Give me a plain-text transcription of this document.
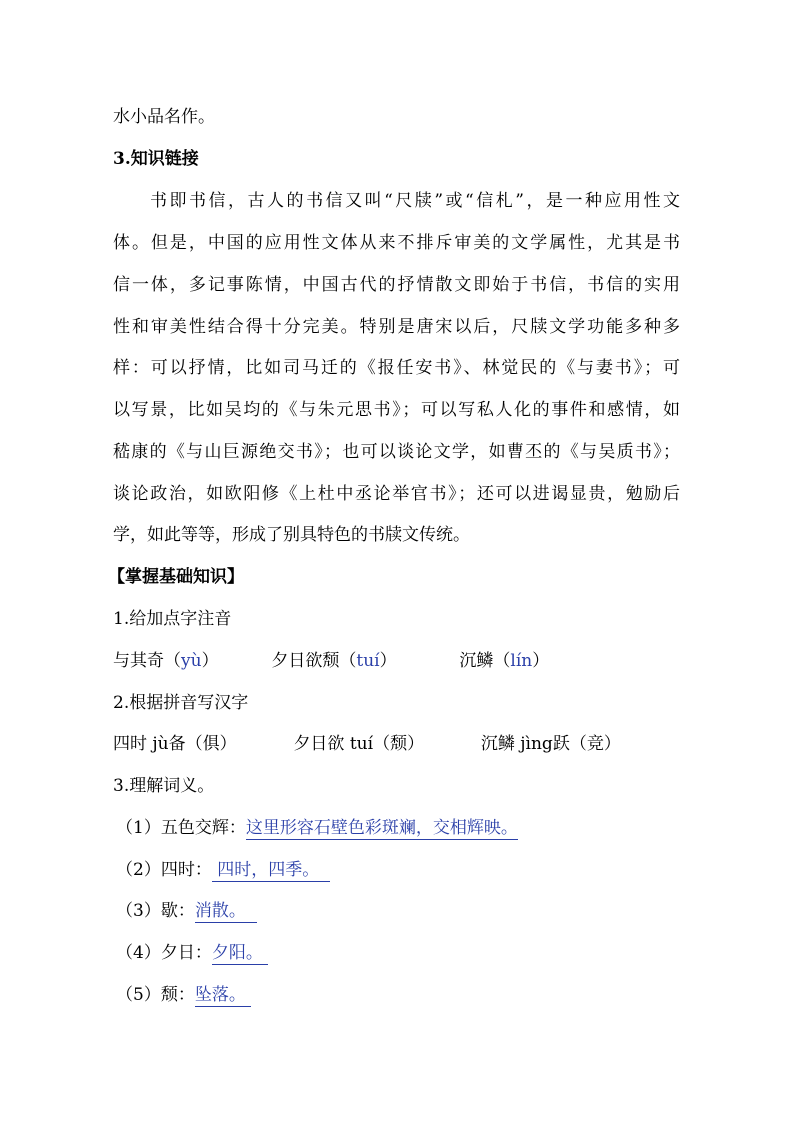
水小品名作。
3.知识链接
书即书信，古人的书信又叫“尺牍”或“信札”，是一种应用性文
体。但是，中国的应用性文体从来不排斥审美的文学属性，尤其是书
信一体，多记事陈情，中国古代的抒情散文即始于书信，书信的实用
性和审美性结合得十分完美。特别是唐宋以后，尺牍文学功能多种多
样：可以抒情，比如司马迁的《报任安书》、林觉民的《与妻书》；可
以写景，比如吴均的《与朱元思书》；可以写私人化的事件和感情，如
嵇康的《与山巨源绝交书》；也可以谈论文学，如曹丕的《与吴质书》；
谈论政治，如欧阳修《上杜中丞论举官书》；还可以进谒显贵，勉励后
学，如此等等，形成了别具特色的书牍文传统。
【掌握基础知识】
1.给加点字注音
与其奇（yù）	夕日欲颓（tuí）	沉鳞（lín）
2.根据拼音写汉字
四时 jù备（俱）	夕日欲 tuí（颓）	沉鳞 jìng跃（竞）
3.理解词义。
（1）五色交辉：这里形容石壁色彩斑斓，交相辉映。
（2）四时： 四时，四季。
（3）歇：消散。
（4）夕日：夕阳。
（5）颓：坠落。
